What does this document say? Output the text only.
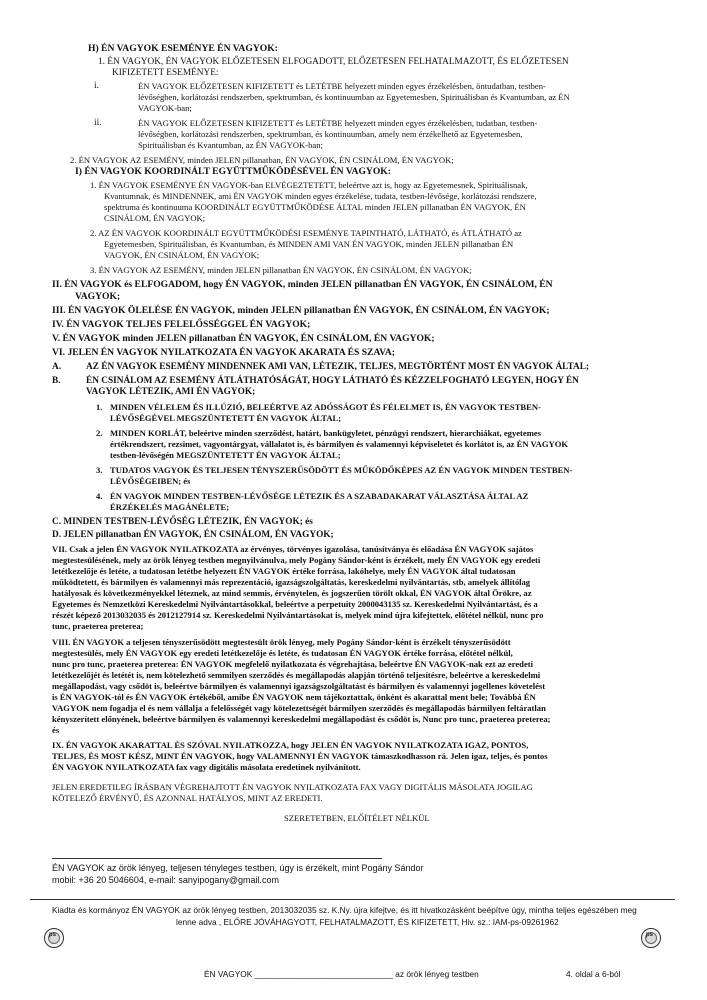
H) ÉN VAGYOK ESEMÉNYE ÉN VAGYOK:
1. ÉN VAGYOK, ÉN VAGYOK ELŐZETESEN ELFOGADOTT, ELŐZETESEN FELHATALMAZOTT, ÉS ELŐZETESEN
KIFIZETETT ESEMÉNYE:
i.	ÉN VAGYOK ELŐZETESEN KIFIZETETT és LETÉTBE helyezett minden egyes érzékelésben, öntudatban, testben-
lévőségben, korlátozási rendszerben, spektrumban, és kontinuumban az Egyetemesben, Spirituálisban és Kvantumban, az ÉN
VAGYOK-ban;
ii.	ÉN VAGYOK ELŐZETESEN KIFIZETETT és LETÉTBE helyezett minden egyes érzékelésben, tudatban, testben-
lévőségben, korlátozási rendszerben, spektrumban, és kontinuumban, amely nem érzékelhető az Egyetemesben,
Spirituálisban és Kvantumban, az ÉN VAGYOK-ban;
2. ÉN VAGYOK AZ ESEMÉNY, minden JELEN pillanatban, ÉN VAGYOK, ÉN CSINÁLOM, ÉN VAGYOK;
I) ÉN VAGYOK KOORDINÁLT EGYÜTTMŰKÖDÉSÉVEL ÉN VAGYOK:
1. ÉN VAGYOK ESEMÉNYE ÉN VAGYOK-ban ELVÉGEZTETETT, beleértve azt is, hogy az Egyetemesnek, Spirituálisnak,
Kvantumnak, és MINDENNEK, ami ÉN VAGYOK minden egyes érzékelése, tudata, testben-lévősége, korlátozási rendszere,
spektruma és kontinuuma KOORDINÁLT EGYÜTTMŰKÖDÉSE ÁLTAL minden JELEN pillanatban ÉN VAGYOK, ÉN
CSINÁLOM, ÉN VAGYOK;
2. AZ ÉN VAGYOK KOORDINÁLT EGYÜTTMŰKÖDÉSI ESEMÉNYE TAPINTHATÓ, LÁTHATÓ, és ÁTLÁTHATÓ az
Egyetemesben, Spirituálisban, és Kvantumban, és MINDEN AMI VAN ÉN VAGYOK, minden JELEN pillanatban ÉN
VAGYOK, ÉN CSINÁLOM, ÉN VAGYOK;
3. ÉN VAGYOK AZ ESEMÉNY, minden JELEN pillanatban ÉN VAGYOK, ÉN CSINÁLOM, ÉN VAGYOK;
II. ÉN VAGYOK és ELFOGADOM, hogy ÉN VAGYOK, minden JELEN pillanatban ÉN VAGYOK, ÉN CSINÁLOM, ÉN
VAGYOK;
III. ÉN VAGYOK ÖLELÉSE ÉN VAGYOK, minden JELEN pillanatban ÉN VAGYOK, ÉN CSINÁLOM, ÉN VAGYOK;
IV. ÉN VAGYOK TELJES FELELŐSSÉGGEL ÉN VAGYOK;
V. ÉN VAGYOK minden JELEN pillanatban ÉN VAGYOK, ÉN CSINÁLOM, ÉN VAGYOK;
VI. JELEN ÉN VAGYOK NYILATKOZATA ÉN VAGYOK AKARATA ÉS SZAVA;
A.	AZ ÉN VAGYOK ESEMÉNY MINDENNEK AMI VAN, LÉTEZIK, TELJES, MEGTÖRTÉNT MOST ÉN VAGYOK ÁLTAL;
B.	ÉN CSINÁLOM AZ ESEMÉNY ÁTLÁTHATÓSÁGÁT, HOGY LÁTHATÓ ÉS KÉZZELFOGHATÓ LEGYEN, HOGY ÉN
VAGYOK LÉTEZIK, AMI ÉN VAGYOK;
1. MINDEN VÉLELEM ÉS ILLÚZIÓ, BELEÉRTVE AZ ADÓSSÁGOT ÉS FÉLELMET IS, ÉN VAGYOK TESTBEN-
LÉVŐSÉGÉVEL MEGSZÜNTETETT ÉN VAGYOK ÁLTAL;
2. MINDEN KORLÁT, beleértve minden szerződést, határt, bankügyletet, pénzügyi rendszert, hierarchiákat, egyetemes
értékrendszert, rezsimet, vagyontárgyat, vállalatot is, és bármilyen és valamennyi képviseletet és korlátot is, az ÉN VAGYOK
testben-lévőségén MEGSZÜNTETETT ÉN VAGYOK ÁLTAL;
3. TUDATOS VAGYOK ÉS TELJESEN TÉNYSZERŰSÖDÖTT ÉS MŰKÖDŐKÉPES AZ ÉN VAGYOK MINDEN TESTBEN-
LÉVŐSÉGEIBEN; és
4. ÉN VAGYOK MINDEN TESTBEN-LÉVŐSÉGE LÉTEZIK ÉS A SZABADAKARAT VÁLASZTÁSA ÁLTAL AZ
ÉRZÉKELÉS MAGÁNÉLETE;
C. MINDEN TESTBEN-LÉVŐSÉG LÉTEZIK, ÉN VAGYOK; és
D. JELEN pillanatban ÉN VAGYOK, ÉN CSINÁLOM, ÉN VAGYOK;
VII. Csak a jelen ÉN VAGYOK NYILATKOZATA az érvényes, törvényes igazolása, tanúsítványa és előadása ÉN VAGYOK sajátos
megtestesülésének, mely az örök lényeg testben megnyilvánulva, mely Pogány Sándor-ként is érzékelt, mely ÉN VAGYOK egy eredeti
letétkezelője és letéte, a tudatosan letétbe helyezett ÉN VAGYOK értéke forrása, lakóhelye, mely ÉN VAGYOK által tudatosan
működtetett, és bármilyen és valamennyi más reprezentáció, igazságszolgáltatás, kereskedelmi nyilvántartás, stb, amelyek állítólag
hatályosak és következményekkel léteznek, az mind semmis, érvénytelen, és jogszerűen törölt okkal, ÉN VAGYOK által Örökre, az
Egyetemes és Nemzetközi Kereskedelmi Nyilvántartásokkal, beleértve a perpetuity 2000043135 sz. Kereskedelmi Nyilvántartást, és a
részét képező 2013032035 és 2012127914 sz. Kereskedelmi Nyilvántartásokat is, melyek mind újra kifejtettek, előtétel nélkül, nunc pro
tunc, praeterea preterea;
VIII. ÉN VAGYOK a teljesen tényszerűsödött megtestesült örök lényeg, mely Pogány Sándor-ként is érzékelt tényszerűsödött
megtestesülés, mely ÉN VAGYOK egy eredeti letétkezelője és letéte, és tudatosan ÉN VAGYOK értéke forrása, előtétel nélkül,
nunc pro tunc, praeterea preterea: ÉN VAGYOK megfelelő nyilatkozata és végrehajtása, beleértve ÉN VAGYOK-nak ezt az eredeti
letétkezelőjét és letétét is, nem kötelezhető semmilyen szerződés és megállapodás alapján történő teljesítésre, beleértve a kereskedelmi
megállapodást, vagy csődöt is, beleértve bármilyen és valamennyi igazságszolgáltatást és bármilyen és valamennyi jogellenes követelést
is ÉN VAGYOK-tól és ÉN VAGYOK értékéből, amibe ÉN VAGYOK nem tájékoztattak, önként és akarattal ment bele; Továbbá ÉN
VAGYOK nem fogadja el és nem vállalja a felelősségét vagy kötelezettségét bármilyen szerződés és megállapodás bármilyen feltáratlan
kényszerített előnyének, beleértve bármilyen és valamennyi kereskedelmi megállapodást és csődöt is, Nunc pro tunc, praeterea preterea;
és
IX. ÉN VAGYOK AKARATTAL ÉS SZÓVAL NYILATKOZZA, hogy JELEN ÉN VAGYOK NYILATKOZATA IGAZ, PONTOS,
TELJES, ÉS MOST KÉSZ, MINT ÉN VAGYOK, hogy VALAMENNYI ÉN VAGYOK támaszkodhasson rá. Jelen igaz, teljes, és pontos
ÉN VAGYOK NYILATKOZATA fax vagy digitális másolata eredetinek nyilvánított.
JELEN EREDETILEG ÍRÁSBAN VÉGREHAJTOTT ÉN VAGYOK NYILATKOZATA FAX VAGY DIGITÁLIS MÁSOLATA JOGILAG
KÖTELEZŐ ÉRVÉNYŰ, ÉS AZONNAL HATÁLYOS, MINT AZ EREDETI.
SZERETETBEN, ELŐÍTÉLET NÉLKÜL
ÉN VAGYOK az örök lényeg, teljesen tényleges testben, úgy is érzékelt, mint Pogány Sándor
mobil: +36 20 5046604, e-mail: sanyipogany@gmail.com
Kiadta és kormányoz ÉN VAGYOK az örök lényeg testben, 2013032035 sz. K.Ny. újra kifejtve, és itt hivatkozásként beépítve úgy, mintha teljes egészében meg
lenne adva , ELŐRE JÓVÁHAGYOTT, FELHATALMAZOTT, ÉS KIFIZETETT, Hiv. sz.: IAM-ps-09261962
ps	ps
ÉN VAGYOK ______________________________ az örök lényeg testben	4. oldal a 6-ból
